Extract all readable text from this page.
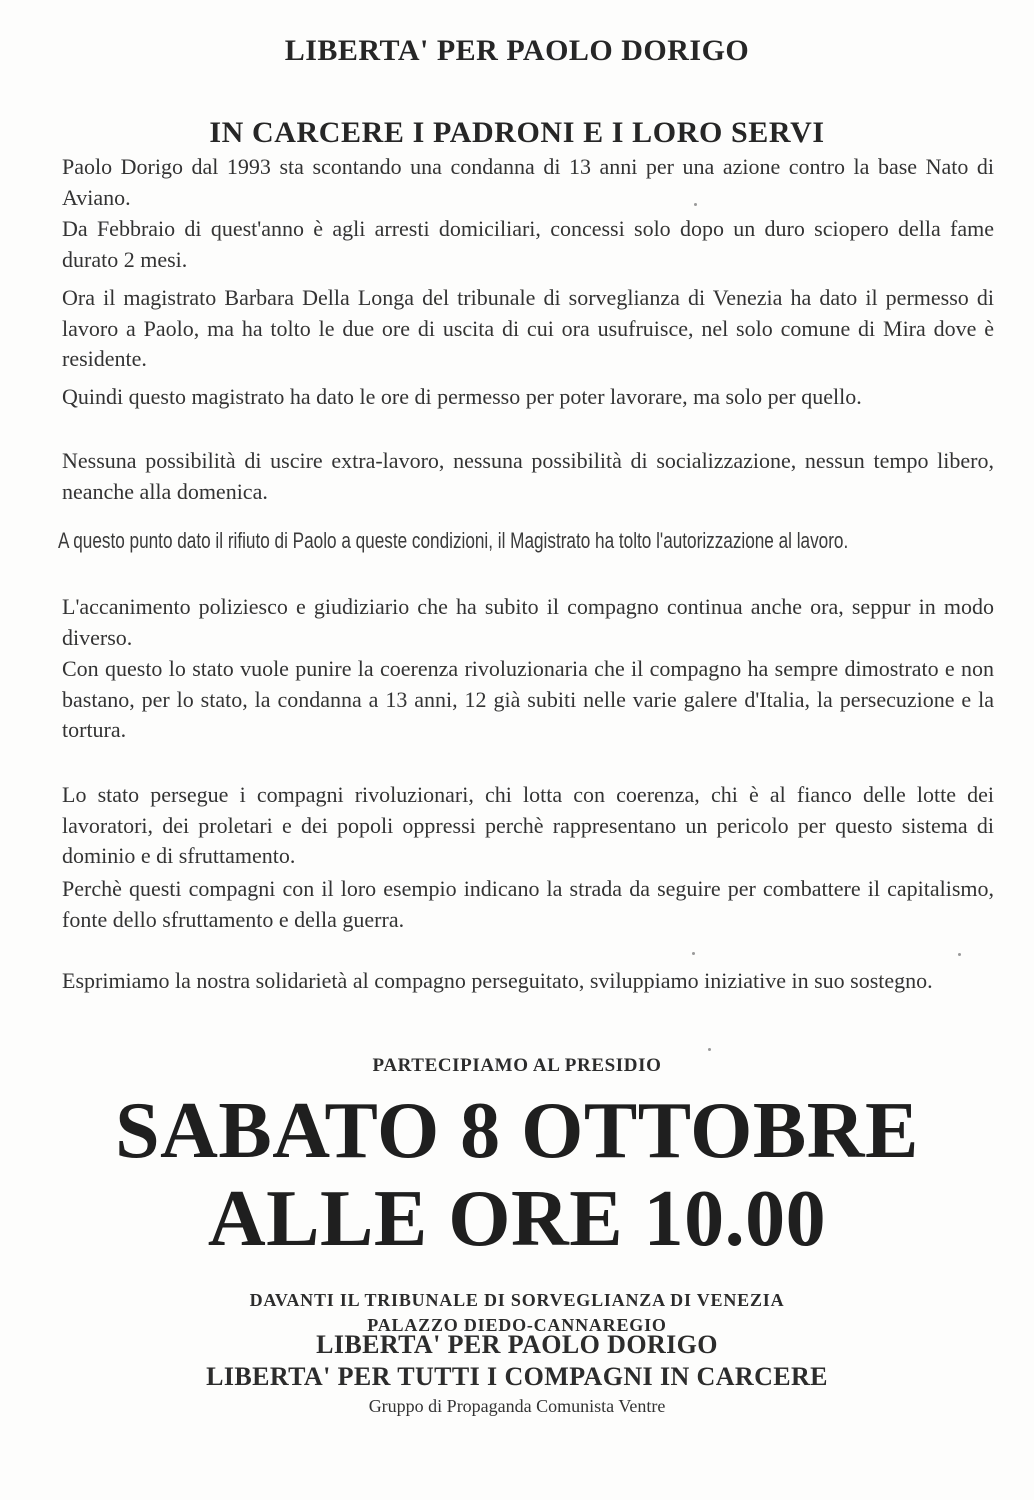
LIBERTA' PER PAOLO DORIGO
IN CARCERE I PADRONI E I LORO SERVI

Paolo Dorigo dal 1993 sta scontando una condanna di 13 anni per una azione contro la base Nato di Aviano.

Da Febbraio di quest'anno è agli arresti domiciliari, concessi solo dopo un duro sciopero della fame durato 2 mesi.

Ora il magistrato Barbara Della Longa del tribunale di sorveglianza di Venezia ha dato il permesso di lavoro a Paolo, ma ha tolto le due ore di uscita di cui ora usufruisce, nel solo comune di Mira dove è residente.

Quindi questo magistrato ha dato le ore di permesso per poter lavorare, ma solo per quello.

Nessuna possibilità di uscire extra-lavoro, nessuna possibilità di socializzazione, nessun tempo libero, neanche alla domenica.

A questo punto dato il rifiuto di Paolo a queste condizioni, il Magistrato ha tolto l'autorizzazione al lavoro.

L'accanimento poliziesco e giudiziario che ha subito il compagno continua anche ora, seppur in modo diverso.

Con questo lo stato vuole punire la coerenza rivoluzionaria che il compagno ha sempre dimostrato e non bastano, per lo stato, la condanna a 13 anni, 12 già subiti nelle varie galere d'Italia, la persecuzione e la tortura.

Lo stato persegue i compagni rivoluzionari, chi lotta con coerenza, chi è al fianco delle lotte dei lavoratori, dei proletari e dei popoli oppressi perchè rappresentano un pericolo per questo sistema di dominio e di sfruttamento.

Perchè questi compagni con il loro esempio indicano la strada da seguire per combattere il capitalismo, fonte dello sfruttamento e della guerra.

Esprimiamo la nostra solidarietà al compagno perseguitato, sviluppiamo iniziative in suo sostegno.

PARTECIPIAMO AL PRESIDIO

SABATO 8 OTTOBRE

ALLE ORE 10.00

DAVANTI IL TRIBUNALE DI SORVEGLIANZA DI VENEZIA

PALAZZO DIEDO-CANNAREGIO

LIBERTA' PER PAOLO DORIGO

LIBERTA' PER TUTTI I COMPAGNI IN CARCERE

Gruppo di Propaganda Comunista Ventre
